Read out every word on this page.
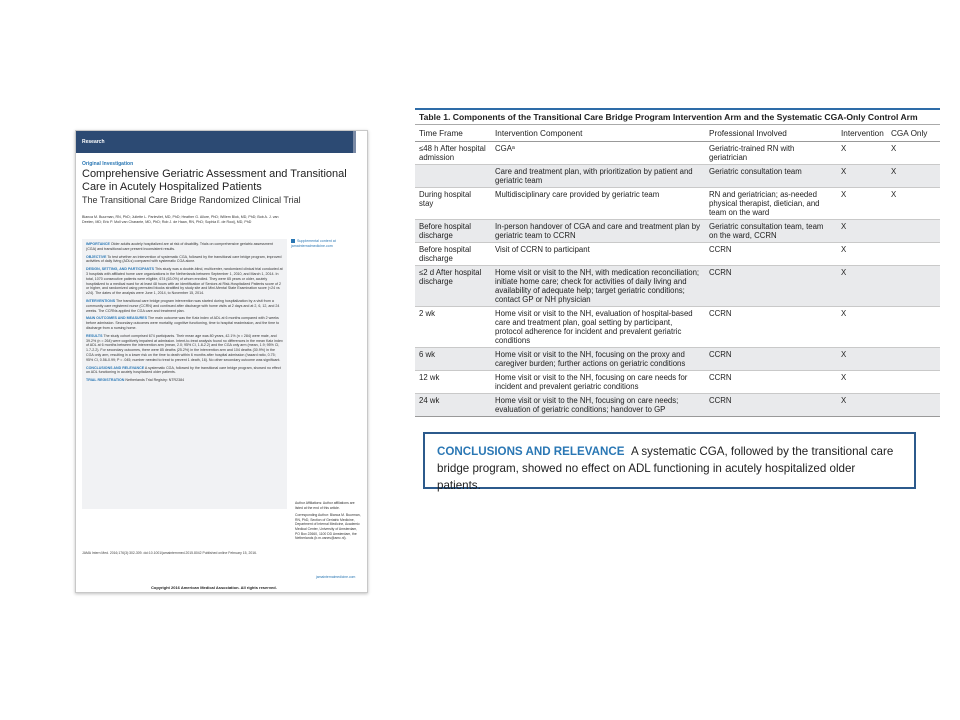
Research
Original Investigation
Comprehensive Geriatric Assessment and Transitional Care in Acutely Hospitalized Patients
The Transitional Care Bridge Randomized Clinical Trial
Bianca M. Buurman, RN, PhD; Juliette L. Parlevliet, MD, PhD; Heather G. Allore, PhD; Willem Blok, MD, PhD; Bob A. J. van Deelen, MD; Eric P. Moll van Charante, MD, PhD; Rob J. de Haan, RN, PhD; Sophia E. de Rooij, MD, PhD

IMPORTANCE Older adults acutely hospitalized are at risk of disability. Trials on comprehensive geriatric assessment (CGA) and transitional care present inconsistent results.

OBJECTIVE To test whether an intervention of systematic CGA, followed by the transitional care bridge program, improved activities of daily living (ADLs) compared with systematic CGA alone.

DESIGN, SETTING, AND PARTICIPANTS This study was a double-blind, multicenter, randomized clinical trial conducted at 3 hospitals with affiliated home care organizations in the Netherlands between September 1, 2010, and March 1, 2014. In total, 1070 consecutive patients were eligible, 674 (63.0%) of whom enrolled. They were 65 years or older, acutely hospitalized to a medical ward for at least 48 hours with an identification of Seniors at Risk-Hospitalized Patients score of 2 or higher, and randomized using permuted blocks stratified by study site and Mini-Mental State Examination score (<24 vs ≥24). The dates of the analysis were June 1, 2014, to November 15, 2014.

INTERVENTIONS The transitional care bridge program intervention was started during hospitalization by a visit from a community care registered nurse (CCRN) and continued after discharge with home visits at 2 days and at 2, 6, 12, and 24 weeks. The CCRNs applied the CGA care and treatment plan.

MAIN OUTCOMES AND MEASURES The main outcome was the Katz index of ADL at 6 months compared with 2 weeks before admission. Secondary outcomes were mortality, cognitive functioning, time to hospital readmission, and the time to discharge from a nursing home.

RESULTS The study cohort comprised 674 participants. Their mean age was 80 years, 42.1% (n = 284) were male, and 39.2% (n = 264) were cognitively impaired at admission. Intent-to-treat analysis found no differences in the mean Katz index of ADL at 6 months between the intervention arm (mean, 2.0; 95% CI, 1.8-2.2) and the CGA only arm (mean, 1.9; 95% CI, 1.7-2.2). For secondary outcomes, there were 85 deaths (25.2%) in the intervention arm and 104 deaths (30.9%) in the CGA only arm, resulting in a lower risk on the time to death within 6 months after hospital admission (hazard ratio, 0.75; 95% CI, 0.56-0.99; P = .045; number needed to treat to prevent 1 death, 16). No other secondary outcome was significant.

CONCLUSIONS AND RELEVANCE A systematic CGA, followed by the transitional care bridge program, showed no effect on ADL functioning in acutely hospitalized older patients.

TRIAL REGISTRATION Netherlands Trial Registry: NTR2384

Supplemental content at jamainternalmedicine.com
Author Affiliations: Author affiliations are listed at the end of this article.
Corresponding Author: Bianca M. Buurman, RN, PhD, Section of Geriatric Medicine, Department of Internal Medicine, Academic Medical Center, University of Amsterdam, PO Box 22660, 1100 DD Amsterdam, the Netherlands (b.m.vanes@amc.nl).
JAMA Intern Med. 2016;176(3):302-309. doi:10.1001/jamainternmed.2015.8042 Published online February 15, 2016.
jamainternalmedicine.com
Copyright 2016 American Medical Association. All rights reserved.
Table 1. Components of the Transitional Care Bridge Program Intervention Arm and the Systematic CGA-Only Control Arm
Time Frame	Intervention Component	Professional Involved	Intervention	CGA Only
≤48 h After hospital admission	CGAᵃ	Geriatric-trained RN with geriatrician	X	X
	Care and treatment plan, with prioritization by patient and geriatric team	Geriatric consultation team	X	X
During hospital stay	Multidisciplinary care provided by geriatric team	RN and geriatrician; as-needed physical therapist, dietician, and team on the ward	X	X
Before hospital discharge	In-person handover of CGA and care and treatment plan by geriatric team to CCRN	Geriatric consultation team, team on the ward, CCRN	X	
Before hospital discharge	Visit of CCRN to participant	CCRN	X	
≤2 d After hospital discharge	Home visit or visit to the NH, with medication reconciliation; initiate home care; check for activities of daily living and availability of adequate help; target geriatric conditions; contact GP or NH physician	CCRN	X	
2 wk	Home visit or visit to the NH, evaluation of hospital-based care and treatment plan, goal setting by participant, protocol adherence for incident and prevalent geriatric conditions	CCRN	X	
6 wk	Home visit or visit to the NH, focusing on the proxy and caregiver burden; further actions on geriatric conditions	CCRN	X	
12 wk	Home visit or visit to the NH, focusing on care needs for incident and prevalent geriatric conditions	CCRN	X	
24 wk	Home visit or visit to the NH, focusing on care needs; evaluation of geriatric conditions; handover to GP	CCRN	X	
CONCLUSIONS AND RELEVANCE A systematic CGA, followed by the transitional care bridge program, showed no effect on ADL functioning in acutely hospitalized older patients.
